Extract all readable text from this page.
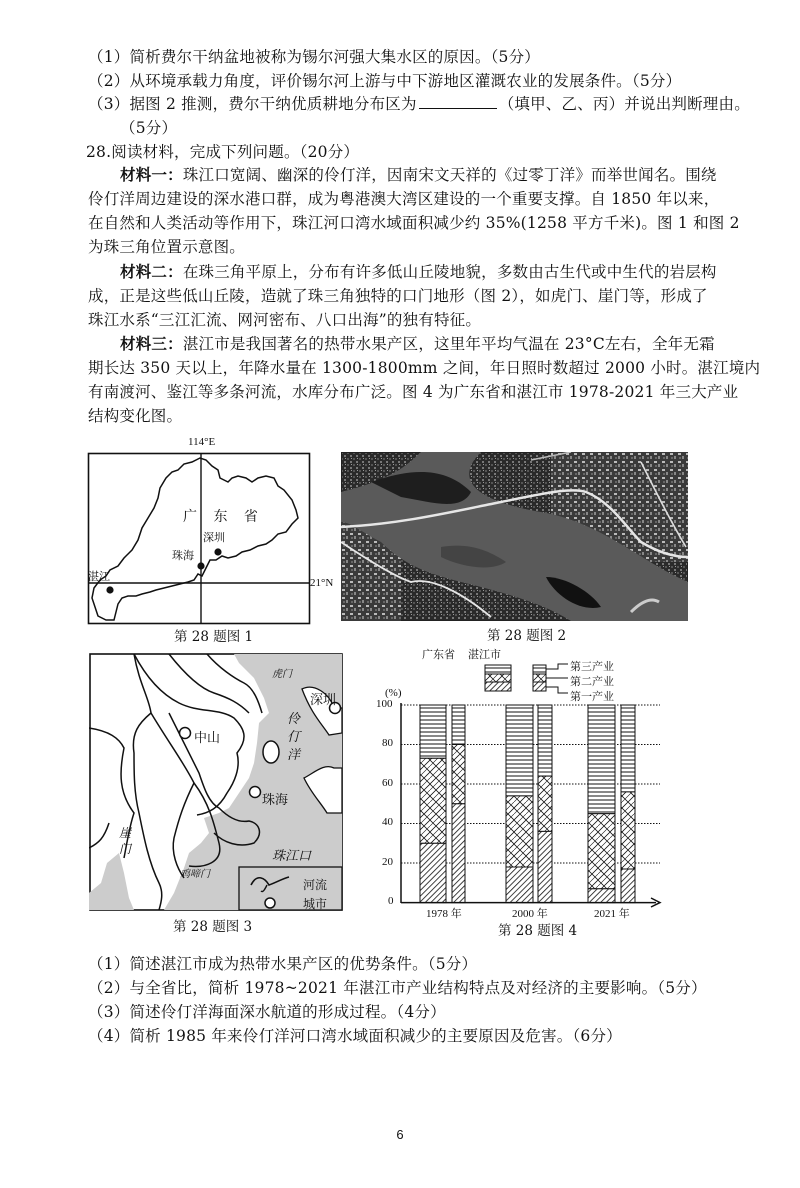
（1）简析费尔干纳盆地被称为锡尔河强大集水区的原因。（5分）
（2）从环境承载力角度，评价锡尔河上游与中下游地区灌溉农业的发展条件。（5分）
（3）据图 2 推测，费尔干纳优质耕地分布区为	（填甲、乙、丙）并说出判断理由。
（5分）
28.阅读材料，完成下列问题。（20分）
材料一：珠江口宽阔、幽深的伶仃洋，因南宋文天祥的《过零丁洋》而举世闻名。围绕
伶仃洋周边建设的深水港口群，成为粤港澳大湾区建设的一个重要支撑。自 1850 年以来，
在自然和人类活动等作用下，珠江河口湾水域面积减少约 35%(1258 平方千米)。图 1 和图 2
为珠三角位置示意图。
材料二：在珠三角平原上，分布有许多低山丘陵地貌，多数由古生代或中生代的岩层构
成，正是这些低山丘陵，造就了珠三角独特的口门地形（图 2），如虎门、崖门等，形成了
珠江水系“三江汇流、网河密布、八口出海”的独有特征。
材料三：湛江市是我国著名的热带水果产区，这里年平均气温在 23°C左右，全年无霜
期长达 350 天以上，年降水量在 1300-1800mm 之间，年日照时数超过 2000 小时。湛江境内
有南渡河、鉴江等多条河流，水库分布广泛。图 4 为广东省和湛江市 1978-2021 年三大产业
结构变化图。
114°E
广 东 省
深圳
珠海
湛江	21°N
第 28 题图 1	第 28 题图 2
虎门
深圳
中山
伶
仃
洋
珠海
崖
门
鸡啼门
珠江口
河流
城市
第 28 题图 3
广东省 湛江市
第三产业
第二产业
第一产业
(%)
100
80
60
40
20
0
1978 年	2000 年	2021 年
第 28 题图 4
（1）简述湛江市成为热带水果产区的优势条件。（5分）
（2）与全省比，简析 1978~2021 年湛江市产业结构特点及对经济的主要影响。（5分）
（3）简述伶仃洋海面深水航道的形成过程。（4分）
（4）简析 1985 年来伶仃洋河口湾水域面积减少的主要原因及危害。（6分）
6
